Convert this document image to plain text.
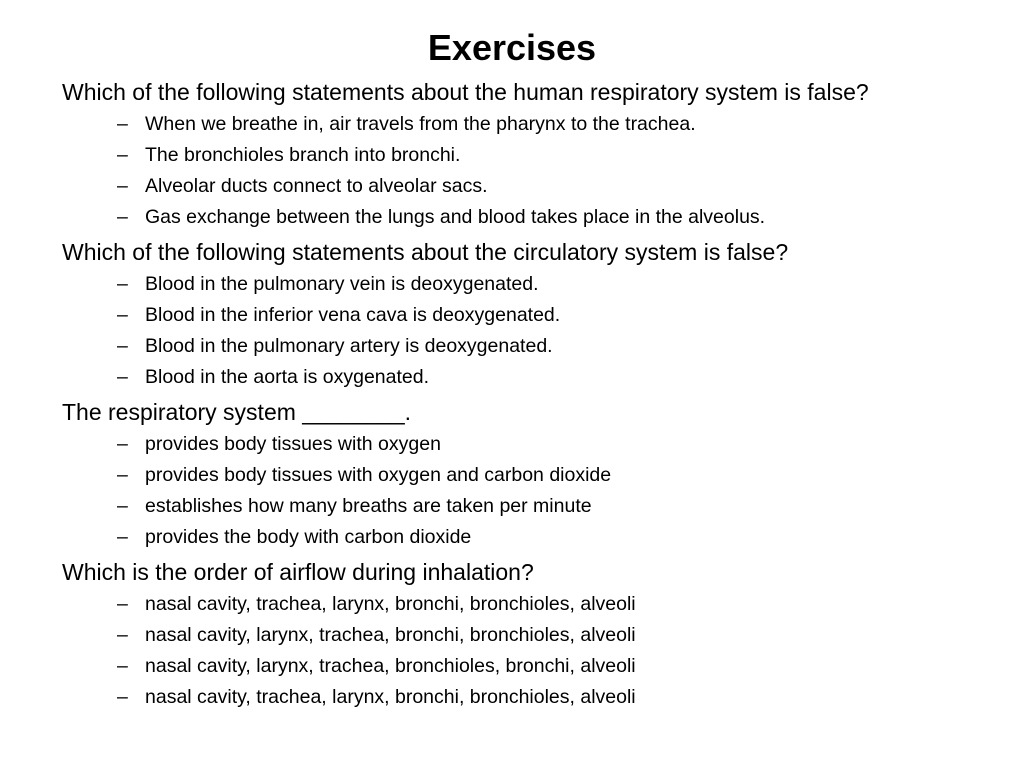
Exercises

Which of the following statements about the human respiratory system is false?

– When we breathe in, air travels from the pharynx to the trachea.
– The bronchioles branch into bronchi.
– Alveolar ducts connect to alveolar sacs.
– Gas exchange between the lungs and blood takes place in the alveolus.

Which of the following statements about the circulatory system is false?

– Blood in the pulmonary vein is deoxygenated.
– Blood in the inferior vena cava is deoxygenated.
– Blood in the pulmonary artery is deoxygenated.
– Blood in the aorta is oxygenated.

The respiratory system ________.

– provides body tissues with oxygen
– provides body tissues with oxygen and carbon dioxide
– establishes how many breaths are taken per minute
– provides the body with carbon dioxide

Which is the order of airflow during inhalation?

– nasal cavity, trachea, larynx, bronchi, bronchioles, alveoli
– nasal cavity, larynx, trachea, bronchi, bronchioles, alveoli
– nasal cavity, larynx, trachea, bronchioles, bronchi, alveoli
– nasal cavity, trachea, larynx, bronchi, bronchioles, alveoli
